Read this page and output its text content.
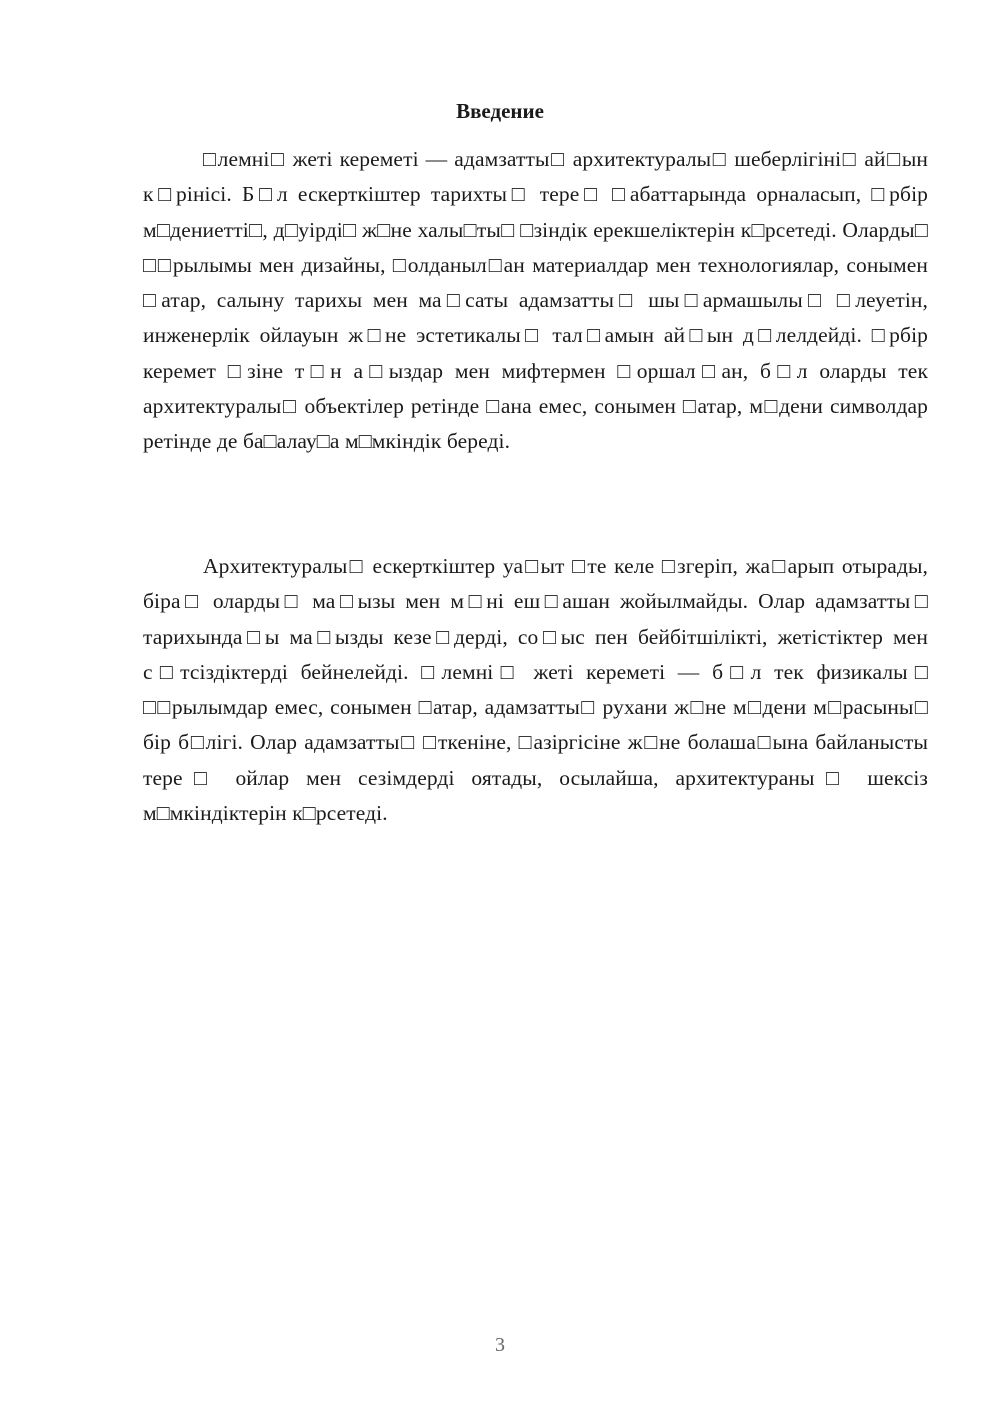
Введение

□лемні□ жеті кереметі — адамзатты□ архитектуралы□ шеберлігіні□ ай□ын к□рінісі. Б□л ескерткіштер тарихты□ тере□ □абаттарында орналасып, □рбір м□дениетті□, д□уірді□ ж□не халы□ты□ □зіндік ерекшеліктерін к□рсетеді. Оларды□ □□рылымы мен дизайны, □олданыл□ан материалдар мен технологиялар, сонымен □атар, салыну тарихы мен ма□саты адамзатты□ шы□армашылы□ □леуетін, инженерлік ойлауын ж□не эстетикалы□ тал□амын ай□ын д□лелдейді. □рбір керемет □зіне т□н а□ыздар мен мифтермен □оршал□ан, б□л оларды тек архитектуралы□ объектілер ретінде □ана емес, сонымен □атар, м□дени символдар ретінде де ба□алау□а м□мкіндік береді.

Архитектуралы□ ескерткіштер уа□ыт □те келе □згеріп, жа□арып отырады, біра□ оларды□ ма□ызы мен м□ні еш□ашан жойылмайды. Олар адамзатты□ тарихында□ы ма□ызды кезе□дерді, со□ыс пен бейбітшілікті, жетістіктер мен с□тсіздіктерді бейнелейді. □лемні□ жеті кереметі — б□л тек физикалы□ □□рылымдар емес, сонымен □атар, адамзатты□ рухани ж□не м□дени м□расыны□ бір б□лігі. Олар адамзатты□ □ткеніне, □азіргісіне ж□не болаша□ына байланысты тере□ ойлар мен сезімдерді оятады, осылайша, архитектураны□ шексіз м□мкіндіктерін к□рсетеді.

3
